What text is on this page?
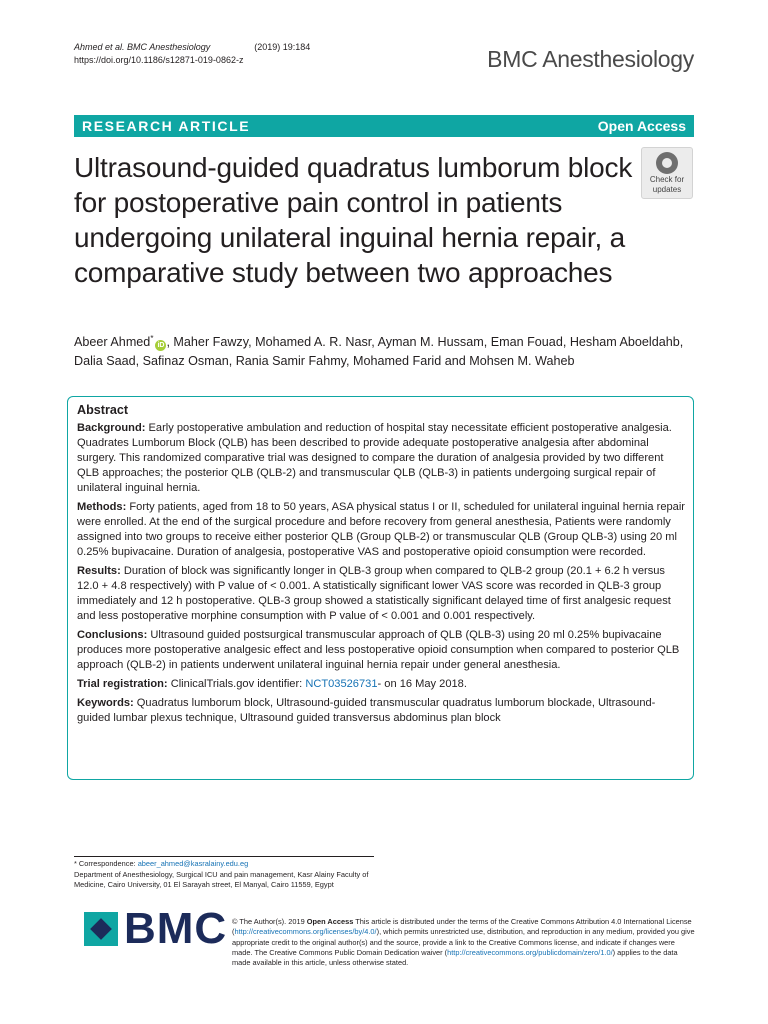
Ahmed et al. BMC Anesthesiology	(2019) 19:184
https://doi.org/10.1186/s12871-019-0862-z	BMC Anesthesiology
RESEARCH ARTICLE	Open Access
Ultrasound-guided quadratus lumborum block for postoperative pain control in patients undergoing unilateral inguinal hernia repair, a comparative study between two approaches
Check for
updates
Abeer Ahmed*iD , Maher Fawzy, Mohamed A. R. Nasr, Ayman M. Hussam, Eman Fouad, Hesham Aboeldahb, Dalia Saad, Safinaz Osman, Rania Samir Fahmy, Mohamed Farid and Mohsen M. Waheb
Abstract

Background: Early postoperative ambulation and reduction of hospital stay necessitate efficient postoperative analgesia. Quadrates Lumborum Block (QLB) has been described to provide adequate postoperative analgesia after abdominal surgery. This randomized comparative trial was designed to compare the duration of analgesia provided by two different QLB approaches; the posterior QLB (QLB-2) and transmuscular QLB (QLB-3) in patients undergoing surgical repair of unilateral inguinal hernia.

Methods: Forty patients, aged from 18 to 50 years, ASA physical status I or II, scheduled for unilateral inguinal hernia repair were enrolled. At the end of the surgical procedure and before recovery from general anesthesia, Patients were randomly assigned into two groups to receive either posterior QLB (Group QLB-2) or transmuscular QLB (Group QLB-3) using 20 ml 0.25% bupivacaine. Duration of analgesia, postoperative VAS and postoperative opioid consumption were recorded.

Results: Duration of block was significantly longer in QLB-3 group when compared to QLB-2 group (20.1 + 6.2 h versus 12.0 + 4.8 respectively) with P value of < 0.001. A statistically significant lower VAS score was recorded in QLB-3 group immediately and 12 h postoperative. QLB-3 group showed a statistically significant delayed time of first analgesic request and less postoperative morphine consumption with P value of < 0.001 and 0.001 respectively.

Conclusions: Ultrasound guided postsurgical transmuscular approach of QLB (QLB-3) using 20 ml 0.25% bupivacaine produces more postoperative analgesic effect and less postoperative opioid consumption when compared to posterior QLB approach (QLB-2) in patients underwent unilateral inguinal hernia repair under general anesthesia.

Trial registration: ClinicalTrials.gov identifier: NCT03526731- on 16 May 2018.

Keywords: Quadratus lumborum block, Ultrasound-guided transmuscular quadratus lumborum blockade, Ultrasound-guided lumbar plexus technique, Ultrasound guided transversus abdominus plan block

* Correspondence: abeer_ahmed@kasralainy.edu.eg
Department of Anesthesiology, Surgical ICU and pain management, Kasr Alainy Faculty of Medicine, Cairo University, 01 El Sarayah street, El Manyal, Cairo 11559, Egypt
BMC © The Author(s). 2019 Open Access This article is distributed under the terms of the Creative Commons Attribution 4.0 International License (http://creativecommons.org/licenses/by/4.0/), which permits unrestricted use, distribution, and reproduction in any medium, provided you give appropriate credit to the original author(s) and the source, provide a link to the Creative Commons license, and indicate if changes were made. The Creative Commons Public Domain Dedication waiver (http://creativecommons.org/publicdomain/zero/1.0/) applies to the data made available in this article, unless otherwise stated.
